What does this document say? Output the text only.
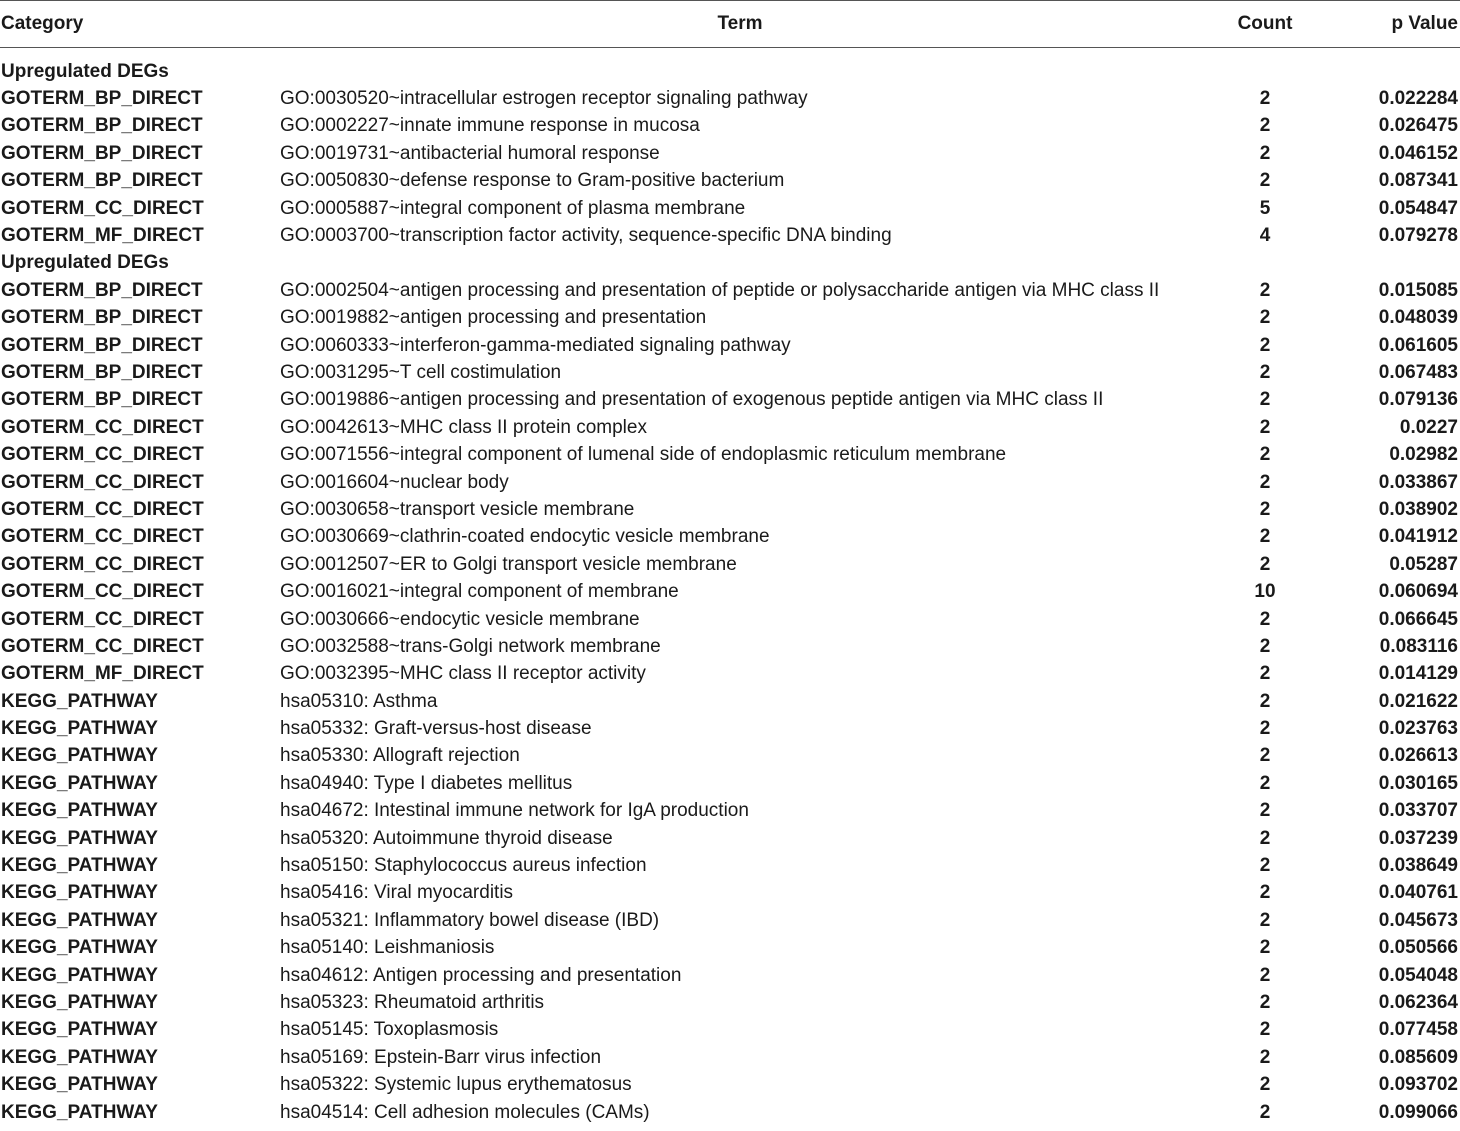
Category	Term	Count	p Value

Upregulated DEGs			
GOTERM_BP_DIRECT	GO:0030520~intracellular estrogen receptor signaling pathway	2	0.022284
GOTERM_BP_DIRECT	GO:0002227~innate immune response in mucosa	2	0.026475
GOTERM_BP_DIRECT	GO:0019731~antibacterial humoral response	2	0.046152
GOTERM_BP_DIRECT	GO:0050830~defense response to Gram-positive bacterium	2	0.087341
GOTERM_CC_DIRECT	GO:0005887~integral component of plasma membrane	5	0.054847
GOTERM_MF_DIRECT	GO:0003700~transcription factor activity, sequence-specific DNA binding	4	0.079278
Upregulated DEGs			
GOTERM_BP_DIRECT	GO:0002504~antigen processing and presentation of peptide or polysaccharide antigen via MHC class II	2	0.015085
GOTERM_BP_DIRECT	GO:0019882~antigen processing and presentation	2	0.048039
GOTERM_BP_DIRECT	GO:0060333~interferon-gamma-mediated signaling pathway	2	0.061605
GOTERM_BP_DIRECT	GO:0031295~T cell costimulation	2	0.067483
GOTERM_BP_DIRECT	GO:0019886~antigen processing and presentation of exogenous peptide antigen via MHC class II	2	0.079136
GOTERM_CC_DIRECT	GO:0042613~MHC class II protein complex	2	0.0227
GOTERM_CC_DIRECT	GO:0071556~integral component of lumenal side of endoplasmic reticulum membrane	2	0.02982
GOTERM_CC_DIRECT	GO:0016604~nuclear body	2	0.033867
GOTERM_CC_DIRECT	GO:0030658~transport vesicle membrane	2	0.038902
GOTERM_CC_DIRECT	GO:0030669~clathrin-coated endocytic vesicle membrane	2	0.041912
GOTERM_CC_DIRECT	GO:0012507~ER to Golgi transport vesicle membrane	2	0.05287
GOTERM_CC_DIRECT	GO:0016021~integral component of membrane	10	0.060694
GOTERM_CC_DIRECT	GO:0030666~endocytic vesicle membrane	2	0.066645
GOTERM_CC_DIRECT	GO:0032588~trans-Golgi network membrane	2	0.083116
GOTERM_MF_DIRECT	GO:0032395~MHC class II receptor activity	2	0.014129
KEGG_PATHWAY	hsa05310: Asthma	2	0.021622
KEGG_PATHWAY	hsa05332: Graft-versus-host disease	2	0.023763
KEGG_PATHWAY	hsa05330: Allograft rejection	2	0.026613
KEGG_PATHWAY	hsa04940: Type I diabetes mellitus	2	0.030165
KEGG_PATHWAY	hsa04672: Intestinal immune network for IgA production	2	0.033707
KEGG_PATHWAY	hsa05320: Autoimmune thyroid disease	2	0.037239
KEGG_PATHWAY	hsa05150: Staphylococcus aureus infection	2	0.038649
KEGG_PATHWAY	hsa05416: Viral myocarditis	2	0.040761
KEGG_PATHWAY	hsa05321: Inflammatory bowel disease (IBD)	2	0.045673
KEGG_PATHWAY	hsa05140: Leishmaniosis	2	0.050566
KEGG_PATHWAY	hsa04612: Antigen processing and presentation	2	0.054048
KEGG_PATHWAY	hsa05323: Rheumatoid arthritis	2	0.062364
KEGG_PATHWAY	hsa05145: Toxoplasmosis	2	0.077458
KEGG_PATHWAY	hsa05169: Epstein-Barr virus infection	2	0.085609
KEGG_PATHWAY	hsa05322: Systemic lupus erythematosus	2	0.093702
KEGG_PATHWAY	hsa04514: Cell adhesion molecules (CAMs)	2	0.099066
